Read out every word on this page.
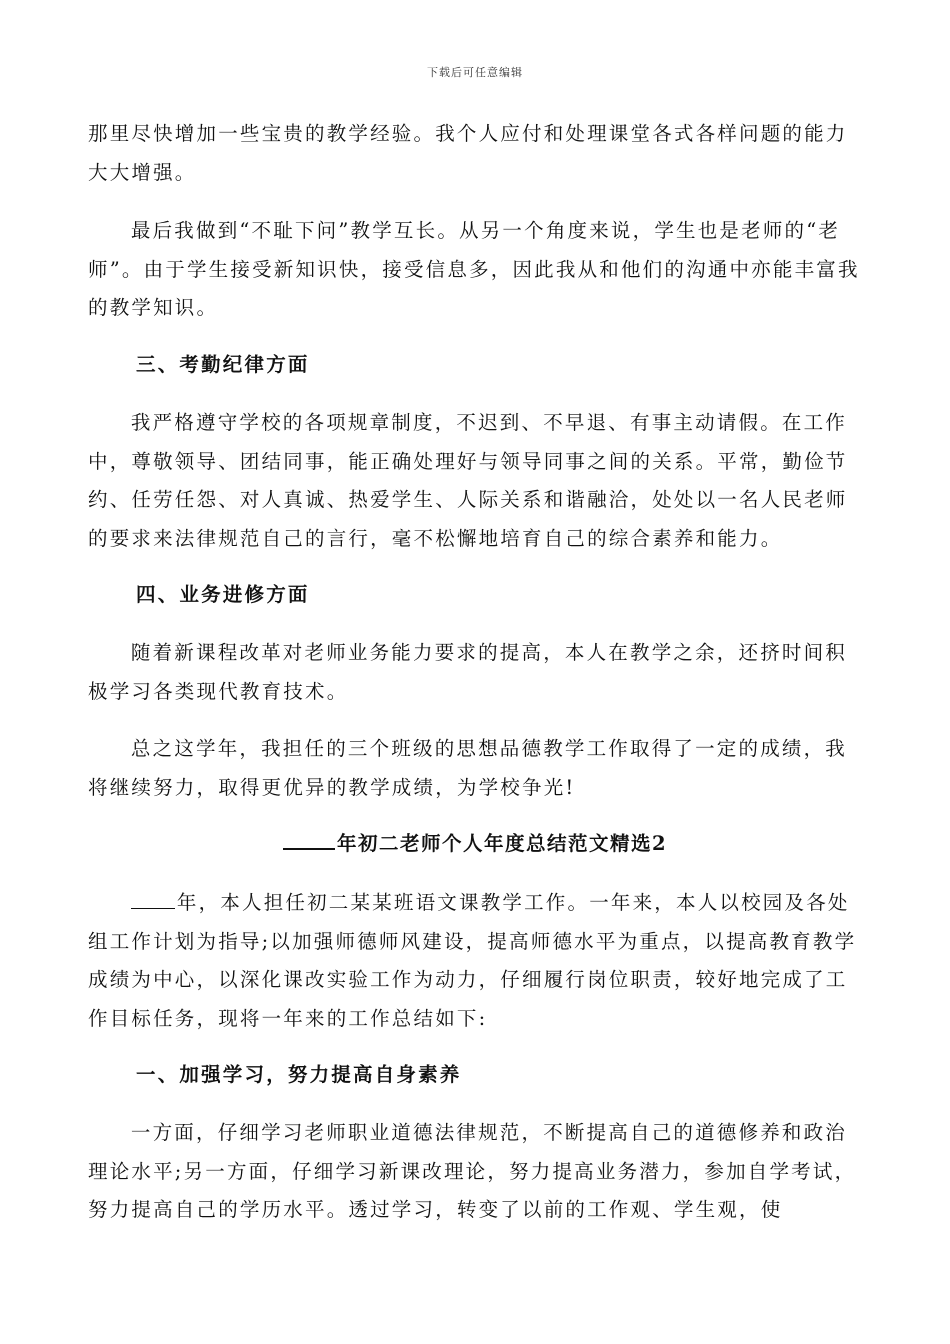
下载后可任意编辑

那里尽快增加一些宝贵的教学经验。我个人应付和处理课堂各式各样问题的能力大大增强。

最后我做到“不耻下问”教学互长。从另一个角度来说，学生也是老师的“老师”。由于学生接受新知识快，接受信息多，因此我从和他们的沟通中亦能丰富我的教学知识。

三、考勤纪律方面

我严格遵守学校的各项规章制度，不迟到、不早退、有事主动请假。在工作中，尊敬领导、团结同事，能正确处理好与领导同事之间的关系。平常，勤俭节约、任劳任怨、对人真诚、热爱学生、人际关系和谐融洽，处处以一名人民老师的要求来法律规范自己的言行，毫不松懈地培育自己的综合素养和能力。

四、业务进修方面

随着新课程改革对老师业务能力要求的提高，本人在教学之余，还挤时间积极学习各类现代教育技术。

总之这学年，我担任的三个班级的思想品德教学工作取得了一定的成绩，我将继续努力，取得更优异的教学成绩，为学校争光!

年初二老师个人年度总结范文精选2

年，本人担任初二某某班语文课教学工作。一年来，本人以校园及各处组工作计划为指导;以加强师德师风建设，提高师德水平为重点，以提高教育教学成绩为中心，以深化课改实验工作为动力，仔细履行岗位职责，较好地完成了工作目标任务，现将一年来的工作总结如下:

一、加强学习，努力提高自身素养

一方面，仔细学习老师职业道德法律规范，不断提高自己的道德修养和政治理论水平;另一方面，仔细学习新课改理论，努力提高业务潜力，参加自学考试，努力提高自己的学历水平。透过学习，转变了以前的工作观、学生观，使
